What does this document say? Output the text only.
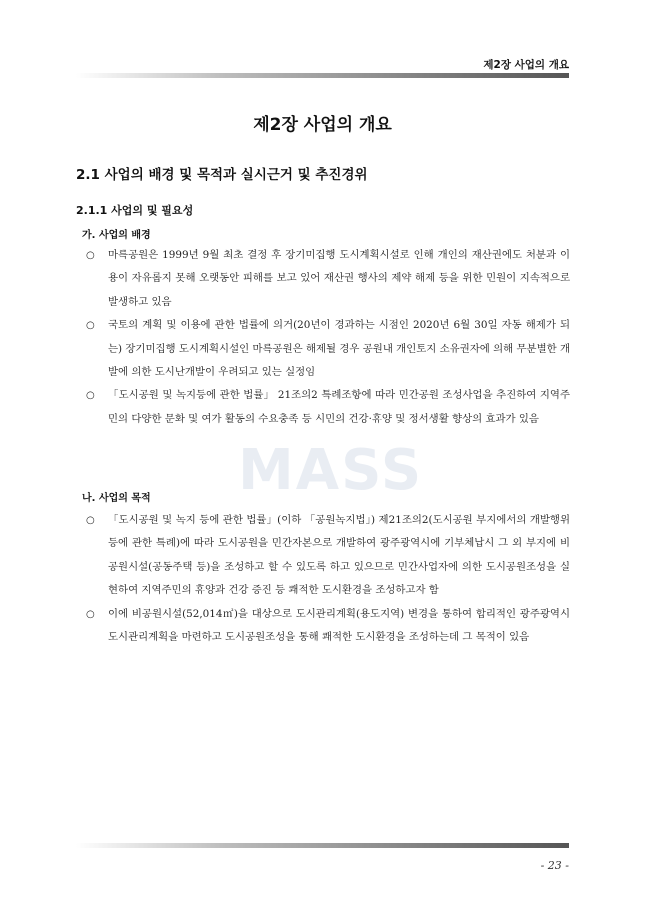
제2장 사업의 개요
MASS
제2장 사업의 개요
2.1 사업의 배경 및 목적과 실시근거 및 추진경위
2.1.1 사업의 및 필요성
가. 사업의 배경
○ 마륵공원은 1999년 9월 최초 결정 후 장기미집행 도시계획시설로 인해 개인의 재산권에도 처분과 이용이 자유롭지 못해 오랫동안 피해를 보고 있어 재산권 행사의 제약 해제 등을 위한 민원이 지속적으로 발생하고 있음
○ 국토의 계획 및 이용에 관한 법률에 의거(20년이 경과하는 시점인 2020년 6월 30일 자동 해제가 되는) 장기미집행 도시계획시설인 마륵공원은 해제될 경우 공원내 개인토지 소유권자에 의해 무분별한 개발에 의한 도시난개발이 우려되고 있는 실정임
○ 「도시공원 및 녹지등에 관한 법률」 21조의2 특례조항에 따라 민간공원 조성사업을 추진하여 지역주민의 다양한 문화 및 여가 활동의 수요충족 등 시민의 건강·휴양 및 정서생활 향상의 효과가 있음
나. 사업의 목적
○ 「도시공원 및 녹지 등에 관한 법률」(이하 「공원녹지법」) 제21조의2(도시공원 부지에서의 개발행위 등에 관한 특례)에 따라 도시공원을 민간자본으로 개발하여 광주광역시에 기부체납시 그 외 부지에 비공원시설(공동주택 등)을 조성하고 할 수 있도록 하고 있으므로 민간사업자에 의한 도시공원조성을 실현하여 지역주민의 휴양과 건강 증진 등 쾌적한 도시환경을 조성하고자 함
○ 이에 비공원시설(52,014㎡)을 대상으로 도시관리계획(용도지역) 변경을 통하여 합리적인 광주광역시 도시관리계획을 마련하고 도시공원조성을 통해 쾌적한 도시환경을 조성하는데 그 목적이 있음
- 23 -
